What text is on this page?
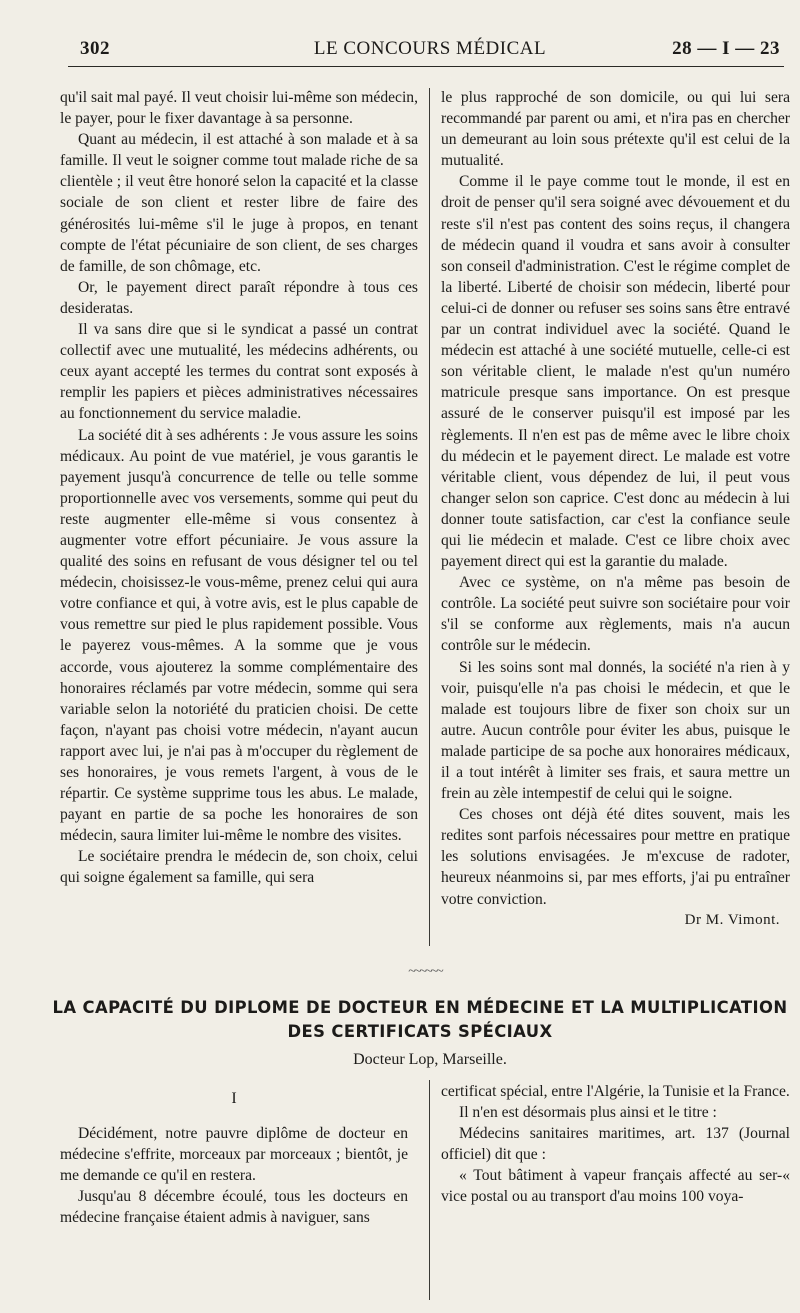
302	LE CONCOURS MÉDICAL	28 — I — 23

qu'il sait mal payé. Il veut choisir lui-même son médecin, le payer, pour le fixer davantage à sa personne.

Quant au médecin, il est attaché à son malade et à sa famille. Il veut le soigner comme tout malade riche de sa clientèle ; il veut être honoré selon la capacité et la classe sociale de son client et rester libre de faire des générosités lui-même s'il le juge à propos, en tenant compte de l'état pécuniaire de son client, de ses charges de famille, de son chômage, etc.

Or, le payement direct paraît répondre à tous ces desideratas.

Il va sans dire que si le syndicat a passé un contrat collectif avec une mutualité, les médecins adhérents, ou ceux ayant accepté les termes du contrat sont exposés à remplir les papiers et pièces administratives nécessaires au fonctionnement du service maladie.

La société dit à ses adhérents : Je vous assure les soins médicaux. Au point de vue matériel, je vous garantis le payement jusqu'à concurrence de telle ou telle somme proportionnelle avec vos versements, somme qui peut du reste augmenter elle-même si vous consentez à augmenter votre effort pécuniaire. Je vous assure la qualité des soins en refusant de vous désigner tel ou tel médecin, choisissez-le vous-même, prenez celui qui aura votre confiance et qui, à votre avis, est le plus capable de vous remettre sur pied le plus rapidement possible. Vous le payerez vous-mêmes. A la somme que je vous accorde, vous ajouterez la somme complémentaire des honoraires réclamés par votre médecin, somme qui sera variable selon la notoriété du praticien choisi. De cette façon, n'ayant pas choisi votre médecin, n'ayant aucun rapport avec lui, je n'ai pas à m'occuper du règlement de ses honoraires, je vous remets l'argent, à vous de le répartir. Ce système supprime tous les abus. Le malade, payant en partie de sa poche les honoraires de son médecin, saura limiter lui-même le nombre des visites.

Le sociétaire prendra le médecin de, son choix, celui qui soigne également sa famille, qui sera

le plus rapproché de son domicile, ou qui lui sera recommandé par parent ou ami, et n'ira pas en chercher un demeurant au loin sous prétexte qu'il est celui de la mutualité.

Comme il le paye comme tout le monde, il est en droit de penser qu'il sera soigné avec dévouement et du reste s'il n'est pas content des soins reçus, il changera de médecin quand il voudra et sans avoir à consulter son conseil d'administration. C'est le régime complet de la liberté. Liberté de choisir son médecin, liberté pour celui-ci de donner ou refuser ses soins sans être entravé par un contrat individuel avec la société. Quand le médecin est attaché à une société mutuelle, celle-ci est son véritable client, le malade n'est qu'un numéro matricule presque sans importance. On est presque assuré de le conserver puisqu'il est imposé par les règlements. Il n'en est pas de même avec le libre choix du médecin et le payement direct. Le malade est votre véritable client, vous dépendez de lui, il peut vous changer selon son caprice. C'est donc au médecin à lui donner toute satisfaction, car c'est la confiance seule qui lie médecin et malade. C'est ce libre choix avec payement direct qui est la garantie du malade.

Avec ce système, on n'a même pas besoin de contrôle. La société peut suivre son sociétaire pour voir s'il se conforme aux règlements, mais n'a aucun contrôle sur le médecin.

Si les soins sont mal donnés, la société n'a rien à y voir, puisqu'elle n'a pas choisi le médecin, et que le malade est toujours libre de fixer son choix sur un autre. Aucun contrôle pour éviter les abus, puisque le malade participe de sa poche aux honoraires médicaux, il a tout intérêt à limiter ses frais, et saura mettre un frein au zèle intempestif de celui qui le soigne.

Ces choses ont déjà été dites souvent, mais les redites sont parfois nécessaires pour mettre en pratique les solutions envisagées. Je m'excuse de radoter, heureux néanmoins si, par mes efforts, j'ai pu entraîner votre conviction.

Dr M. Vimont.
~~~~~~
LA CAPACITÉ DU DIPLOME DE DOCTEUR EN MÉDECINE ET LA MULTIPLICATION
DES CERTIFICATS SPÉCIAUX
Docteur Lop, Marseille.
I

Décidément, notre pauvre diplôme de docteur en médecine s'effrite, morceaux par morceaux ; bientôt, je me demande ce qu'il en restera.

Jusqu'au 8 décembre écoulé, tous les docteurs en médecine française étaient admis à naviguer, sans

certificat spécial, entre l'Algérie, la Tunisie et la France.

Il n'en est désormais plus ainsi et le titre :

Médecins sanitaires maritimes, art. 137 (Journal officiel) dit que :

« Tout bâtiment à vapeur français affecté au ser-« vice postal ou au transport d'au moins 100 voya-
